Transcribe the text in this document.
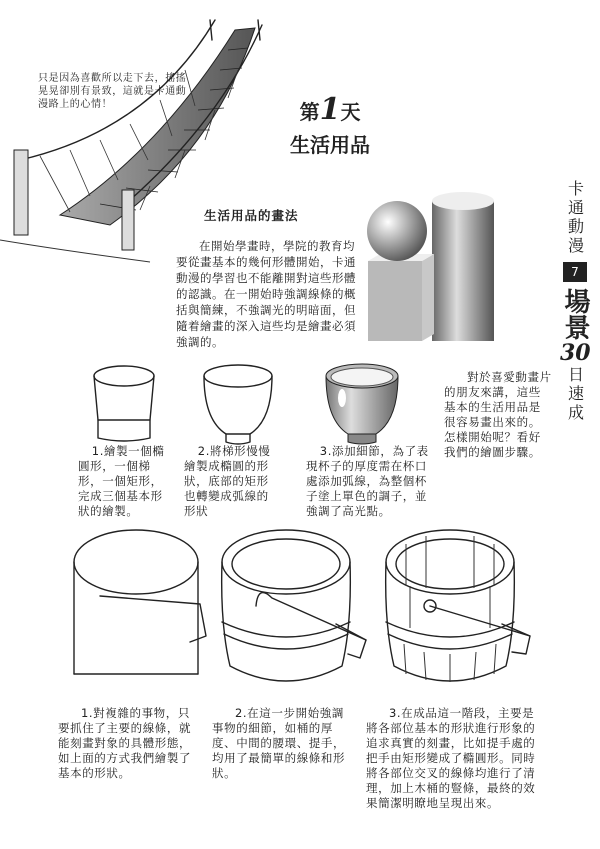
只是因為喜歡所以走下去，搖搖晃晃卻別有景致，這就是卡通動漫路上的心情！	第1天
生活用品
生活用品的畫法
在開始學畫時，學院的教育均要從畫基本的幾何形體開始，卡通動漫的學習也不能離開對這些形體的認識。在一開始時強調線條的概括與簡練，不強調光的明暗面，但隨着繪畫的深入這些均是繪畫必須強調的。
卡通動漫
7
場景
30
日速成
1.繪製一個橢圓形，一個梯形，一個矩形，完成三個基本形狀的繪製。
2.將梯形慢慢繪製成橢圓的形狀，底部的矩形也轉變成弧線的形狀
3.添加細節，為了表現杯子的厚度需在杯口處添加弧線，為整個杯子塗上單色的調子，並強調了高光點。
對於喜愛動畫片的朋友來講，這些基本的生活用品是很容易畫出來的。怎樣開始呢？看好我們的繪圖步驟。
1.對複雜的事物，只要抓住了主要的線條，就能刻畫對象的具體形態，如上面的方式我們繪製了基本的形狀。
2.在這一步開始強調事物的細節，如桶的厚度、中間的腰環、提手，均用了最簡單的線條和形狀。
3.在成品這一階段，主要是將各部位基本的形狀進行形象的追求真實的刻畫，比如提手處的把手由矩形變成了橢圓形。同時將各部位交叉的線條均進行了清理，加上木桶的豎條，最終的效果簡潔明瞭地呈現出來。
